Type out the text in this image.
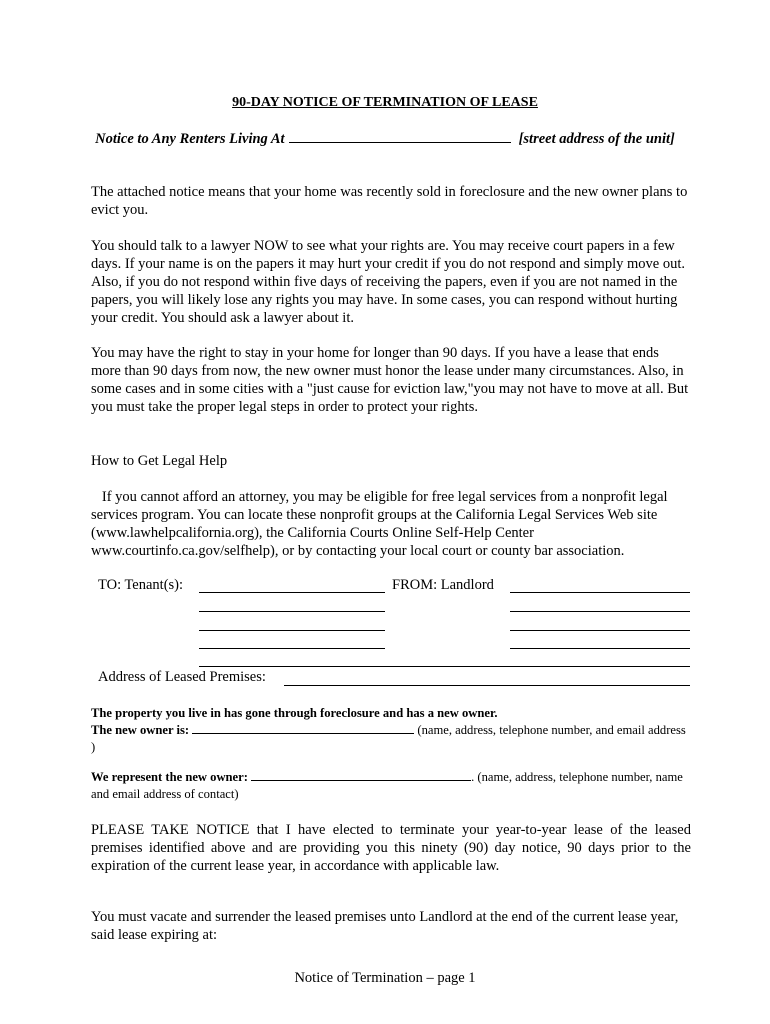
90-DAY NOTICE OF TERMINATION OF LEASE
Notice to Any Renters Living At	[street address of the unit]
The attached notice means that your home was recently sold in foreclosure and the new owner plans to evict you.
You should talk to a lawyer NOW to see what your rights are. You may receive court papers in a few days. If your name is on the papers it may hurt your credit if you do not respond and simply move out. Also, if you do not respond within five days of receiving the papers, even if you are not named in the papers, you will likely lose any rights you may have. In some cases, you can respond without hurting your credit. You should ask a lawyer about it.
You may have the right to stay in your home for longer than 90 days. If you have a lease that ends more than 90 days from now, the new owner must honor the lease under many circumstances. Also, in some cases and in some cities with a "just cause for eviction law,"you may not have to move at all. But you must take the proper legal steps in order to protect your rights.
How to Get Legal Help
If you cannot afford an attorney, you may be eligible for free legal services from a nonprofit legal services program. You can locate these nonprofit groups at the California Legal Services Web site (www.lawhelpcalifornia.org), the California Courts Online Self-Help Center www.courtinfo.ca.gov/selfhelp), or by contacting your local court or county bar association.
TO: Tenant(s):	FROM: Landlord
Address of Leased Premises:
The property you live in has gone through foreclosure and has a new owner.
The new owner is:	(name, address, telephone number, and email address )
We represent the new owner:	. (name, address, telephone number, name and email address of contact)
PLEASE TAKE NOTICE that I have elected to terminate your year-to-year lease of the leased premises identified above and are providing you this ninety (90) day notice, 90 days prior to the expiration of the current lease year, in accordance with applicable law.
You must vacate and surrender the leased premises unto Landlord at the end of the current lease year, said lease expiring at:
Notice of Termination – page 1
